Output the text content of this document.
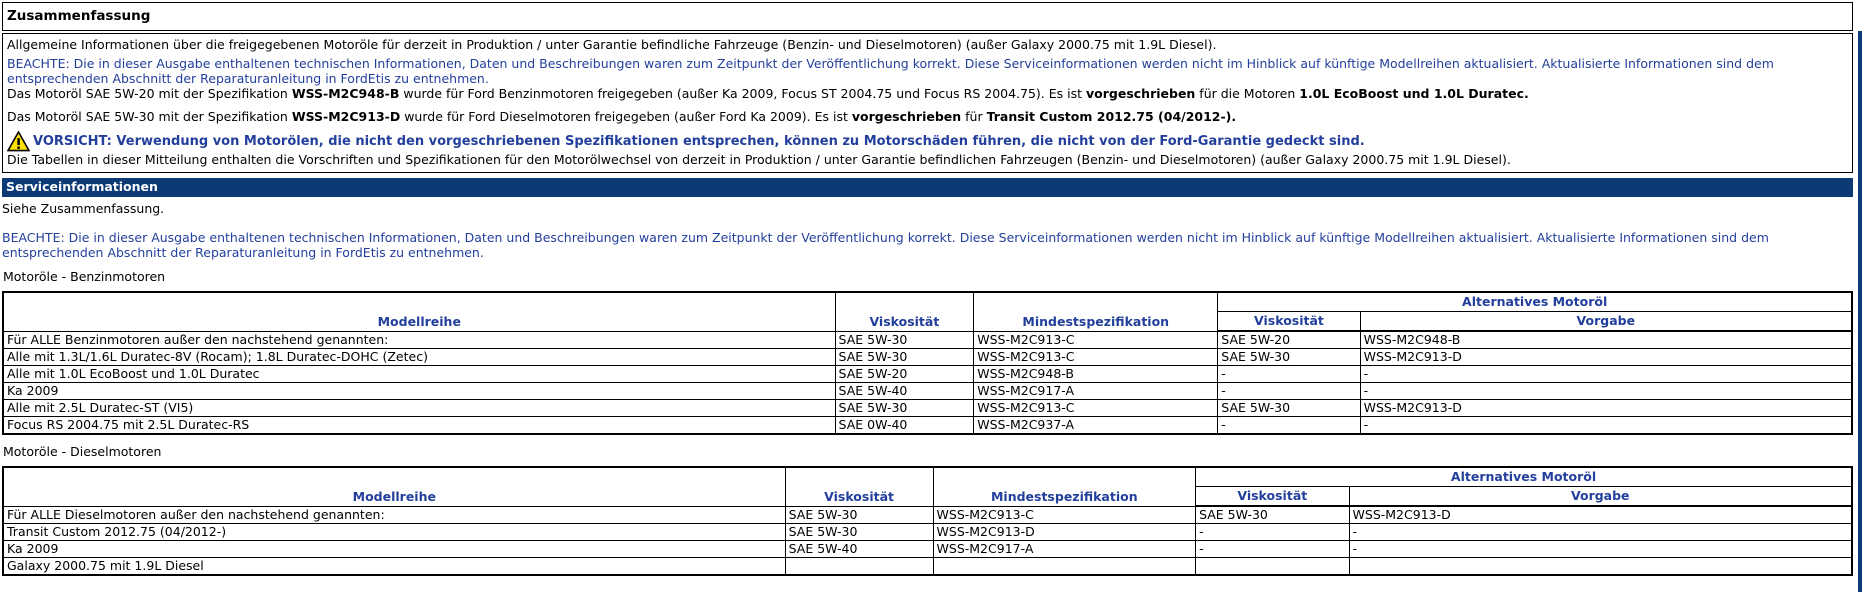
Zusammenfassung

Allgemeine Informationen über die freigegebenen Motoröle für derzeit in Produktion / unter Garantie befindliche Fahrzeuge (Benzin- und Dieselmotoren) (außer Galaxy 2000.75 mit 1.9L Diesel).

BEACHTE: Die in dieser Ausgabe enthaltenen technischen Informationen, Daten und Beschreibungen waren zum Zeitpunkt der Veröffentlichung korrekt. Diese Serviceinformationen werden nicht im Hinblick auf künftige Modellreihen aktualisiert. Aktualisierte Informationen sind dem entsprechenden Abschnitt der Reparaturanleitung in FordEtis zu entnehmen.

Das Motoröl SAE 5W-20 mit der Spezifikation WSS-M2C948-B wurde für Ford Benzinmotoren freigegeben (außer Ka 2009, Focus ST 2004.75 und Focus RS 2004.75). Es ist vorgeschrieben für die Motoren 1.0L EcoBoost und 1.0L Duratec.

Das Motoröl SAE 5W-30 mit der Spezifikation WSS-M2C913-D wurde für Ford Dieselmotoren freigegeben (außer Ford Ka 2009). Es ist vorgeschrieben für Transit Custom 2012.75 (04/2012-).

VORSICHT: Verwendung von Motorölen, die nicht den vorgeschriebenen Spezifikationen entsprechen, können zu Motorschäden führen, die nicht von der Ford-Garantie gedeckt sind.

Die Tabellen in dieser Mitteilung enthalten die Vorschriften und Spezifikationen für den Motorölwechsel von derzeit in Produktion / unter Garantie befindlichen Fahrzeugen (Benzin- und Dieselmotoren) (außer Galaxy 2000.75 mit 1.9L Diesel).

Serviceinformationen

Siehe Zusammenfassung.

BEACHTE: Die in dieser Ausgabe enthaltenen technischen Informationen, Daten und Beschreibungen waren zum Zeitpunkt der Veröffentlichung korrekt. Diese Serviceinformationen werden nicht im Hinblick auf künftige Modellreihen aktualisiert. Aktualisierte Informationen sind dem entsprechenden Abschnitt der Reparaturanleitung in FordEtis zu entnehmen.

Motoröle - Benzinmotoren

Modellreihe	Viskosität	Mindestspezifikation	Alternatives Motoröl	
			Viskosität	Vorgabe
Für ALLE Benzinmotoren außer den nachstehend genannten:	SAE 5W-30	WSS-M2C913-C	SAE 5W-20	WSS-M2C948-B
Alle mit 1.3L/1.6L Duratec-8V (Rocam); 1.8L Duratec-DOHC (Zetec)	SAE 5W-30	WSS-M2C913-C	SAE 5W-30	WSS-M2C913-D
Alle mit 1.0L EcoBoost und 1.0L Duratec	SAE 5W-20	WSS-M2C948-B	-	-
Ka 2009	SAE 5W-40	WSS-M2C917-A	-	-
Alle mit 2.5L Duratec-ST (VI5)	SAE 5W-30	WSS-M2C913-C	SAE 5W-30	WSS-M2C913-D
Focus RS 2004.75 mit 2.5L Duratec-RS	SAE 0W-40	WSS-M2C937-A	-	-

Motoröle - Dieselmotoren

Modellreihe	Viskosität	Mindestspezifikation	Alternatives Motoröl	
			Viskosität	Vorgabe
Für ALLE Dieselmotoren außer den nachstehend genannten:	SAE 5W-30	WSS-M2C913-C	SAE 5W-30	WSS-M2C913-D
Transit Custom 2012.75 (04/2012-)	SAE 5W-30	WSS-M2C913-D	-	-
Ka 2009	SAE 5W-40	WSS-M2C917-A	-	-
Galaxy 2000.75 mit 1.9L Diesel				
